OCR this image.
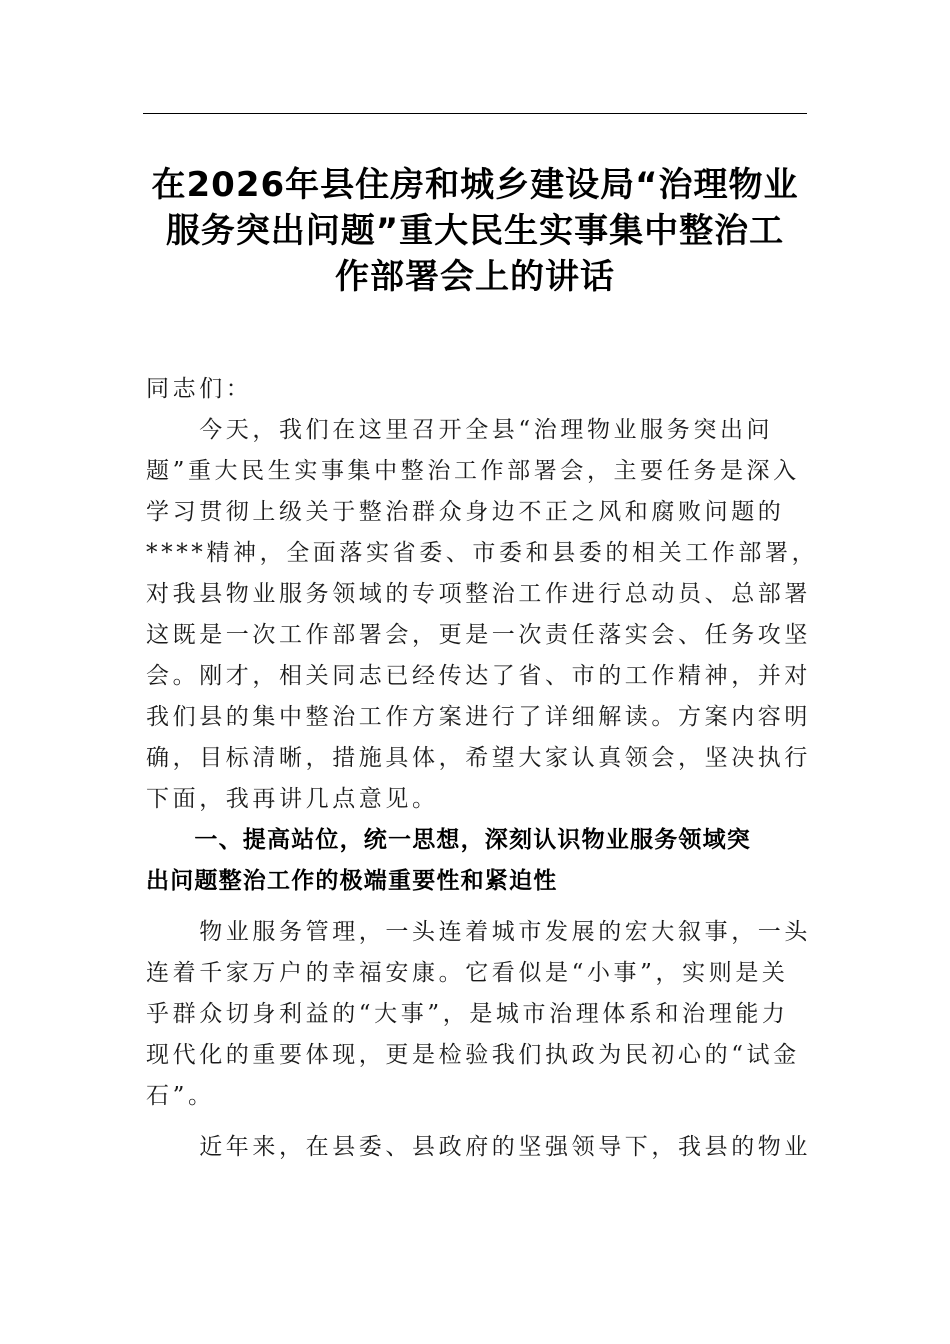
在2026年县住房和城乡建设局“治理物业
服务突出问题”重大民生实事集中整治工
作部署会上的讲话
同志们：
　　今天，我们在这里召开全县“治理物业服务突出问
题”重大民生实事集中整治工作部署会，主要任务是深入
学习贯彻上级关于整治群众身边不正之风和腐败问题的
****精神，全面落实省委、市委和县委的相关工作部署，
对我县物业服务领域的专项整治工作进行总动员、总部署
这既是一次工作部署会，更是一次责任落实会、任务攻坚
会。刚才，相关同志已经传达了省、市的工作精神，并对
我们县的集中整治工作方案进行了详细解读。方案内容明
确，目标清晰，措施具体，希望大家认真领会，坚决执行
下面，我再讲几点意见。
　　一、提高站位，统一思想，深刻认识物业服务领域突
出问题整治工作的极端重要性和紧迫性
　　物业服务管理，一头连着城市发展的宏大叙事，一头
连着千家万户的幸福安康。它看似是“小事”，实则是关
乎群众切身利益的“大事”，是城市治理体系和治理能力
现代化的重要体现，更是检验我们执政为民初心的“试金
石”。
　　近年来，在县委、县政府的坚强领导下，我县的物业
